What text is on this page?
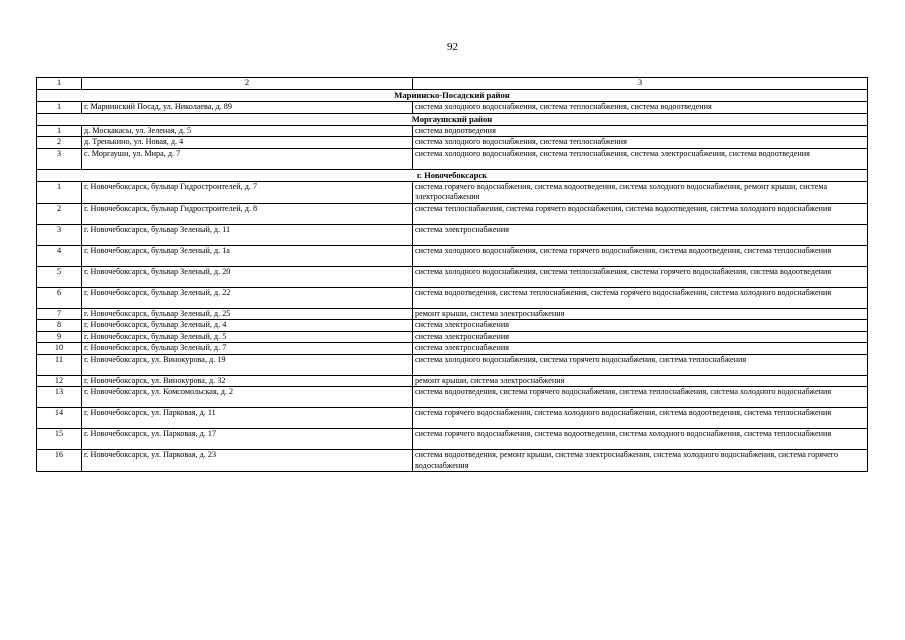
92
1	2	3
Мариинско-Посадский район		
1	г. Мариинский Посад, ул. Николаева, д. 89	система холодного водоснабжения, система теплоснабжения, система водоотведения
Моргаушский район		
1	д. Москакасы, ул. Зеленая, д. 5	система водоотведения
2	д. Тренькино, ул. Новая, д. 4	система холодного водоснабжения, система теплоснабжения
3	с. Моргауши, ул. Мира, д. 7	система холодного водоснабжения, система теплоснабжения, система электроснабжения, система водоотведения
г. Новочебоксарск		
1	г. Новочебоксарск, бульвар Гидростроителей, д. 7	система горячего водоснабжения, система водоотведения, система холодного водоснабжения, ремонт крыши, система электроснабжения
2	г. Новочебоксарск, бульвар Гидростроителей, д. 8	система теплоснабжения, система горячего водоснабжения, система водоотведения, система холодного водоснабжения
3	г. Новочебоксарск, бульвар Зеленый, д. 11	система электроснабжения
4	г. Новочебоксарск, бульвар Зеленый, д. 1а	система холодного водоснабжения, система горячего водоснабжения, система водоотведения, система теплоснабжения
5	г. Новочебоксарск, бульвар Зеленый, д. 20	система холодного водоснабжения, система теплоснабжения, система горячего водоснабжения, система водоотведения
6	г. Новочебоксарск, бульвар Зеленый, д. 22	система водоотведения, система теплоснабжения, система горячего водоснабжения, система холодного водоснабжения
7	г. Новочебоксарск, бульвар Зеленый, д. 25	ремонт крыши, система электроснабжения
8	г. Новочебоксарск, бульвар Зеленый, д. 4	система электроснабжения
9	г. Новочебоксарск, бульвар Зеленый, д. 5	система электроснабжения
10	г. Новочебоксарск, бульвар Зеленый, д. 7	система электроснабжения
11	г. Новочебоксарск, ул. Винокурова, д. 19	система холодного водоснабжения, система горячего водоснабжения, система теплоснабжения
12	г. Новочебоксарск, ул. Винокурова, д. 32	ремонт крыши, система электроснабжения
13	г. Новочебоксарск, ул. Комсомольская, д. 2	система водоотведения, система горячего водоснабжения, система теплоснабжения, система холодного водоснабжения
14	г. Новочебоксарск, ул. Парковая, д. 11	система горячего водоснабжения, система холодного водоснабжения, система водоотведения, система теплоснабжения
15	г. Новочебоксарск, ул. Парковая, д. 17	система горячего водоснабжения, система водоотведения, система холодного водоснабжения, система теплоснабжения
16	г. Новочебоксарск, ул. Парковая, д. 23	система водоотведения, ремонт крыши, система электроснабжения, система холодного водоснабжения, система горячего водоснабжения
